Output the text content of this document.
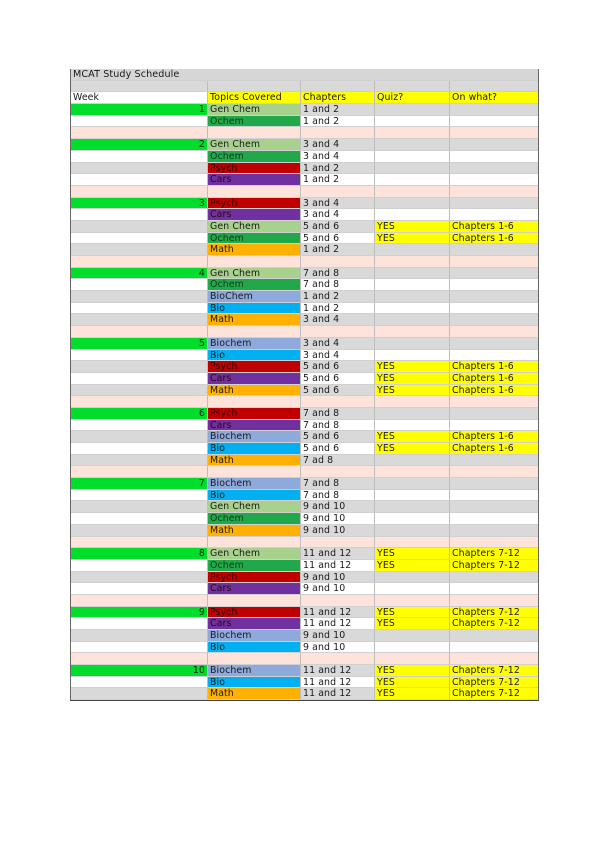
MCAT Study Schedule
Week	Topics Covered	Chapters	Quiz?	On what?
1 Gen Chem	1 and 2
Ochem	1 and 2
2 Gen Chem	3 and 4
Ochem	3 and 4
Psych	1 and 2
Cars	1 and 2
3 Psych	3 and 4
Cars	3 and 4
Gen Chem	5 and 6	YES	Chapters 1-6
Ochem	5 and 6	YES	Chapters 1-6
Math	1 and 2
4 Gen Chem	7 and 8
Ochem	7 and 8
BioChem	1 and 2
Bio	1 and 2
Math	3 and 4
5 Biochem	3 and 4
Bio	3 and 4
Psych	5 and 6	YES	Chapters 1-6
Cars	5 and 6	YES	Chapters 1-6
Math	5 and 6	YES	Chapters 1-6
6 Psych	7 and 8
Cars	7 and 8
Biochem	5 and 6	YES	Chapters 1-6
Bio	5 and 6	YES	Chapters 1-6
Math	7 ad 8
7 Biochem	7 and 8
Bio	7 and 8
Gen Chem	9 and 10
Ochem	9 and 10
Math	9 and 10
8 Gen Chem	11 and 12	YES	Chapters 7-12
Ochem	11 and 12	YES	Chapters 7-12
Psych	9 and 10
Cars	9 and 10
9 Psych	11 and 12	YES	Chapters 7-12
Cars	11 and 12	YES	Chapters 7-12
Biochem	9 and 10
Bio	9 and 10
10 Biochem	11 and 12	YES	Chapters 7-12
Bio	11 and 12	YES	Chapters 7-12
Math	11 and 12	YES	Chapters 7-12
